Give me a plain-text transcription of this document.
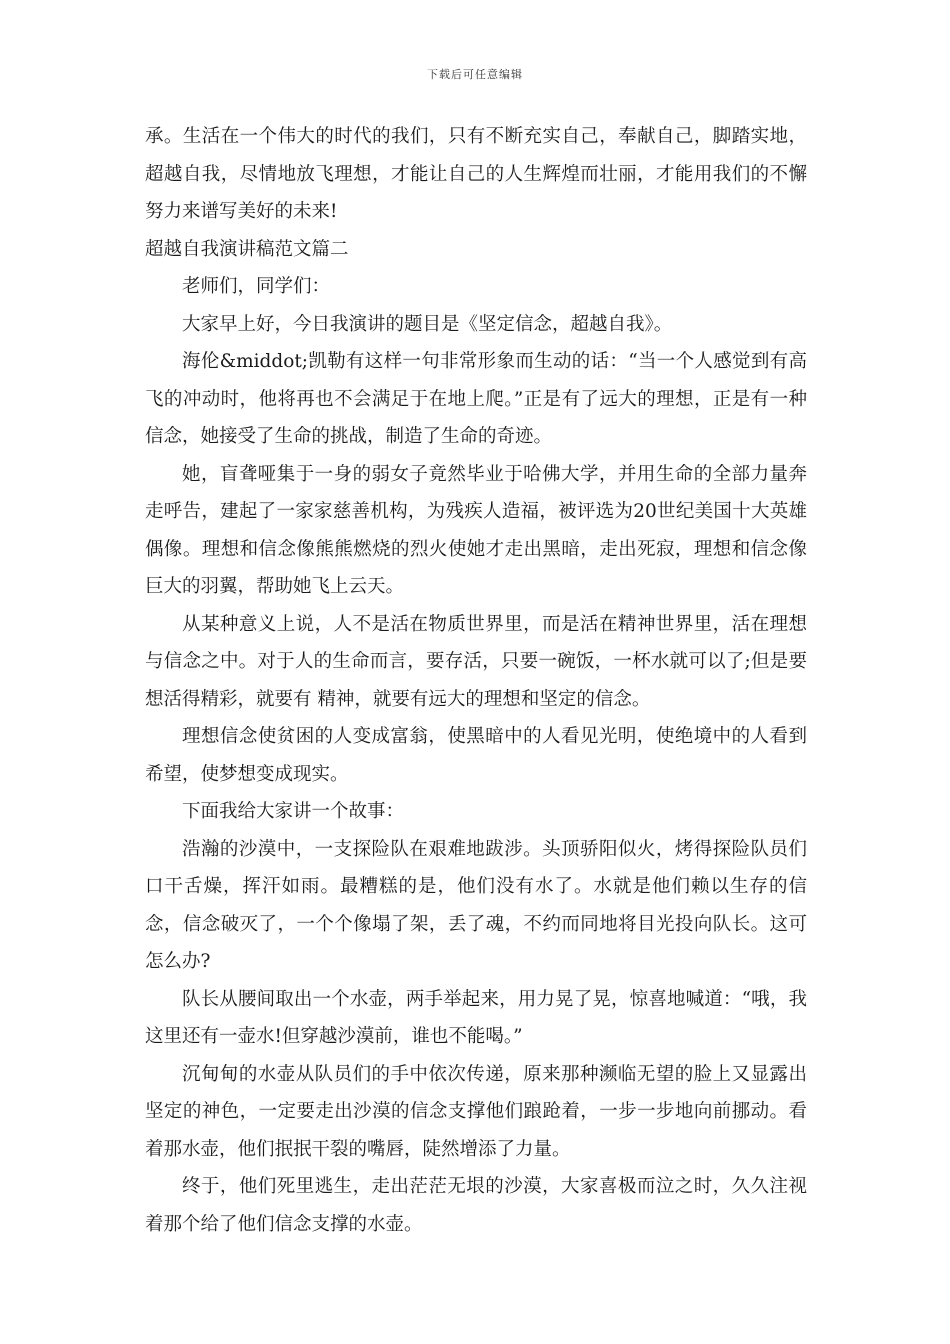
下载后可任意编辑

承。生活在一个伟大的时代的我们，只有不断充实自己，奉献自己，脚踏实地，超越自我，尽情地放飞理想，才能让自己的人生辉煌而壮丽，才能用我们的不懈努力来谱写美好的未来!

超越自我演讲稿范文篇二

老师们，同学们：

大家早上好，今日我演讲的题目是《坚定信念，超越自我》。

海伦&middot;凯勒有这样一句非常形象而生动的话：“当一个人感觉到有高飞的冲动时，他将再也不会满足于在地上爬。”正是有了远大的理想，正是有一种信念，她接受了生命的挑战，制造了生命的奇迹。

她，盲聋哑集于一身的弱女子竟然毕业于哈佛大学，并用生命的全部力量奔走呼告，建起了一家家慈善机构，为残疾人造福，被评选为20世纪美国十大英雄偶像。理想和信念像熊熊燃烧的烈火使她才走出黑暗，走出死寂，理想和信念像巨大的羽翼，帮助她飞上云天。

从某种意义上说，人不是活在物质世界里，而是活在精神世界里，活在理想与信念之中。对于人的生命而言，要存活，只要一碗饭，一杯水就可以了;但是要想活得精彩，就要有 精神，就要有远大的理想和坚定的信念。

理想信念使贫困的人变成富翁，使黑暗中的人看见光明，使绝境中的人看到希望，使梦想变成现实。

下面我给大家讲一个故事：

浩瀚的沙漠中，一支探险队在艰难地跋涉。头顶骄阳似火，烤得探险队员们口干舌燥，挥汗如雨。最糟糕的是，他们没有水了。水就是他们赖以生存的信念，信念破灭了，一个个像塌了架，丢了魂，不约而同地将目光投向队长。这可怎么办?

队长从腰间取出一个水壶，两手举起来，用力晃了晃，惊喜地喊道：“哦，我这里还有一壶水!但穿越沙漠前，谁也不能喝。”

沉甸甸的水壶从队员们的手中依次传递，原来那种濒临无望的脸上又显露出坚定的神色，一定要走出沙漠的信念支撑他们踉跄着，一步一步地向前挪动。看着那水壶，他们抿抿干裂的嘴唇，陡然增添了力量。

终于，他们死里逃生，走出茫茫无垠的沙漠，大家喜极而泣之时，久久注视着那个给了他们信念支撑的水壶。
